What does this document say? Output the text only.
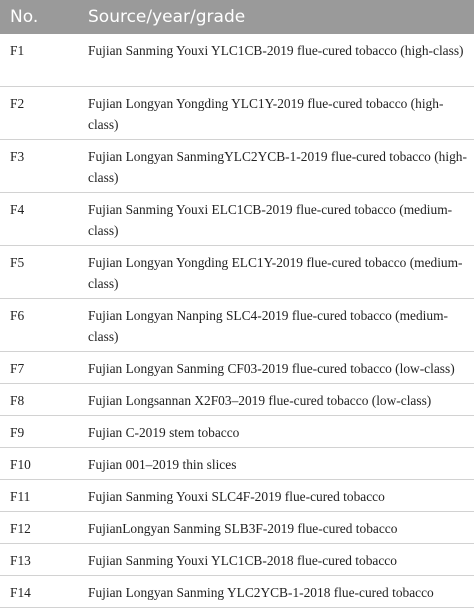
No.	Source/year/grade
F1	Fujian Sanming Youxi YLC1CB-2019 flue-cured tobacco (high-class)
F2	Fujian Longyan Yongding YLC1Y-2019 flue-cured tobacco (high-class)
F3	Fujian Longyan SanmingYLC2YCB-1-2019 flue-cured tobacco (high-class)
F4	Fujian Sanming Youxi ELC1CB-2019 flue-cured tobacco (medium-class)
F5	Fujian Longyan Yongding ELC1Y-2019 flue-cured tobacco (medium-class)
F6	Fujian Longyan Nanping SLC4-2019 flue-cured tobacco (medium-class)
F7	Fujian Longyan Sanming CF03-2019 flue-cured tobacco (low-class)
F8	Fujian Longsannan X2F03–2019 flue-cured tobacco (low-class)
F9	Fujian C-2019 stem tobacco
F10	Fujian 001–2019 thin slices
F11	Fujian Sanming Youxi SLC4F-2019 flue-cured tobacco
F12	FujianLongyan Sanming SLB3F-2019 flue-cured tobacco
F13	Fujian Sanming Youxi YLC1CB-2018 flue-cured tobacco
F14	Fujian Longyan Sanming YLC2YCB-1-2018 flue-cured tobacco
